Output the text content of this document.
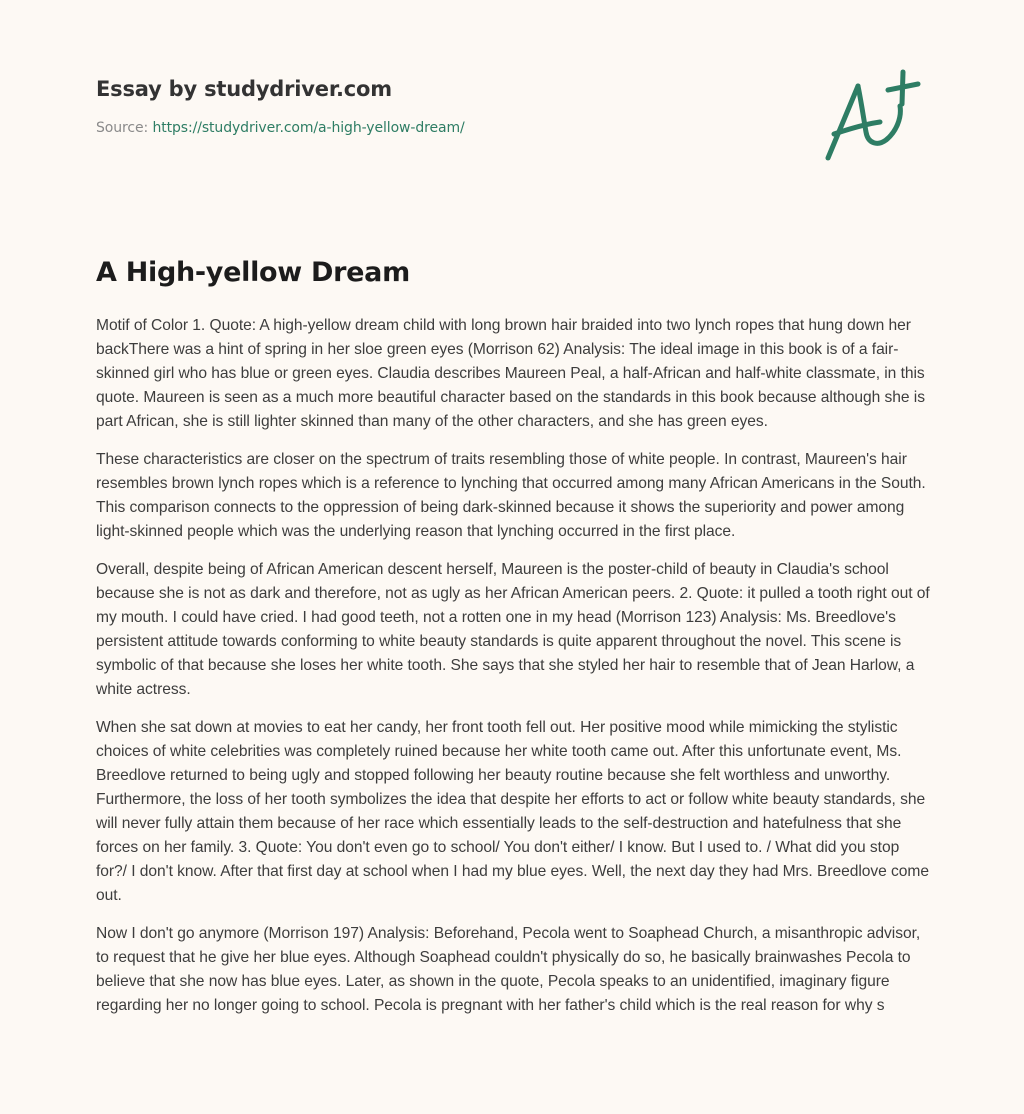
Essay by studydriver.com
Source: https://studydriver.com/a-high-yellow-dream/
A High-yellow Dream

Motif of Color 1. Quote: A high-yellow dream child with long brown hair braided into two lynch ropes that hung down her backThere was a hint of spring in her sloe green eyes (Morrison 62) Analysis: The ideal image in this book is of a fair-skinned girl who has blue or green eyes. Claudia describes Maureen Peal, a half-African and half-white classmate, in this quote. Maureen is seen as a much more beautiful character based on the standards in this book because although she is part African, she is still lighter skinned than many of the other characters, and she has green eyes.

These characteristics are closer on the spectrum of traits resembling those of white people. In contrast, Maureen's hair resembles brown lynch ropes which is a reference to lynching that occurred among many African Americans in the South. This comparison connects to the oppression of being dark-skinned because it shows the superiority and power among light-skinned people which was the underlying reason that lynching occurred in the first place.

Overall, despite being of African American descent herself, Maureen is the poster-child of beauty in Claudia's school because she is not as dark and therefore, not as ugly as her African American peers. 2. Quote: it pulled a tooth right out of my mouth. I could have cried. I had good teeth, not a rotten one in my head (Morrison 123) Analysis: Ms. Breedlove's persistent attitude towards conforming to white beauty standards is quite apparent throughout the novel. This scene is symbolic of that because she loses her white tooth. She says that she styled her hair to resemble that of Jean Harlow, a white actress.

When she sat down at movies to eat her candy, her front tooth fell out. Her positive mood while mimicking the stylistic choices of white celebrities was completely ruined because her white tooth came out. After this unfortunate event, Ms. Breedlove returned to being ugly and stopped following her beauty routine because she felt worthless and unworthy. Furthermore, the loss of her tooth symbolizes the idea that despite her efforts to act or follow white beauty standards, she will never fully attain them because of her race which essentially leads to the self-destruction and hatefulness that she forces on her family. 3. Quote: You don't even go to school/ You don't either/ I know. But I used to. / What did you stop for?/ I don't know. After that first day at school when I had my blue eyes. Well, the next day they had Mrs. Breedlove come out.

Now I don't go anymore (Morrison 197) Analysis: Beforehand, Pecola went to Soaphead Church, a misanthropic advisor, to request that he give her blue eyes. Although Soaphead couldn't physically do so, he basically brainwashes Pecola to believe that she now has blue eyes. Later, as shown in the quote, Pecola speaks to an unidentified, imaginary figure regarding her no longer going to school. Pecola is pregnant with her father's child which is the real reason for why s
